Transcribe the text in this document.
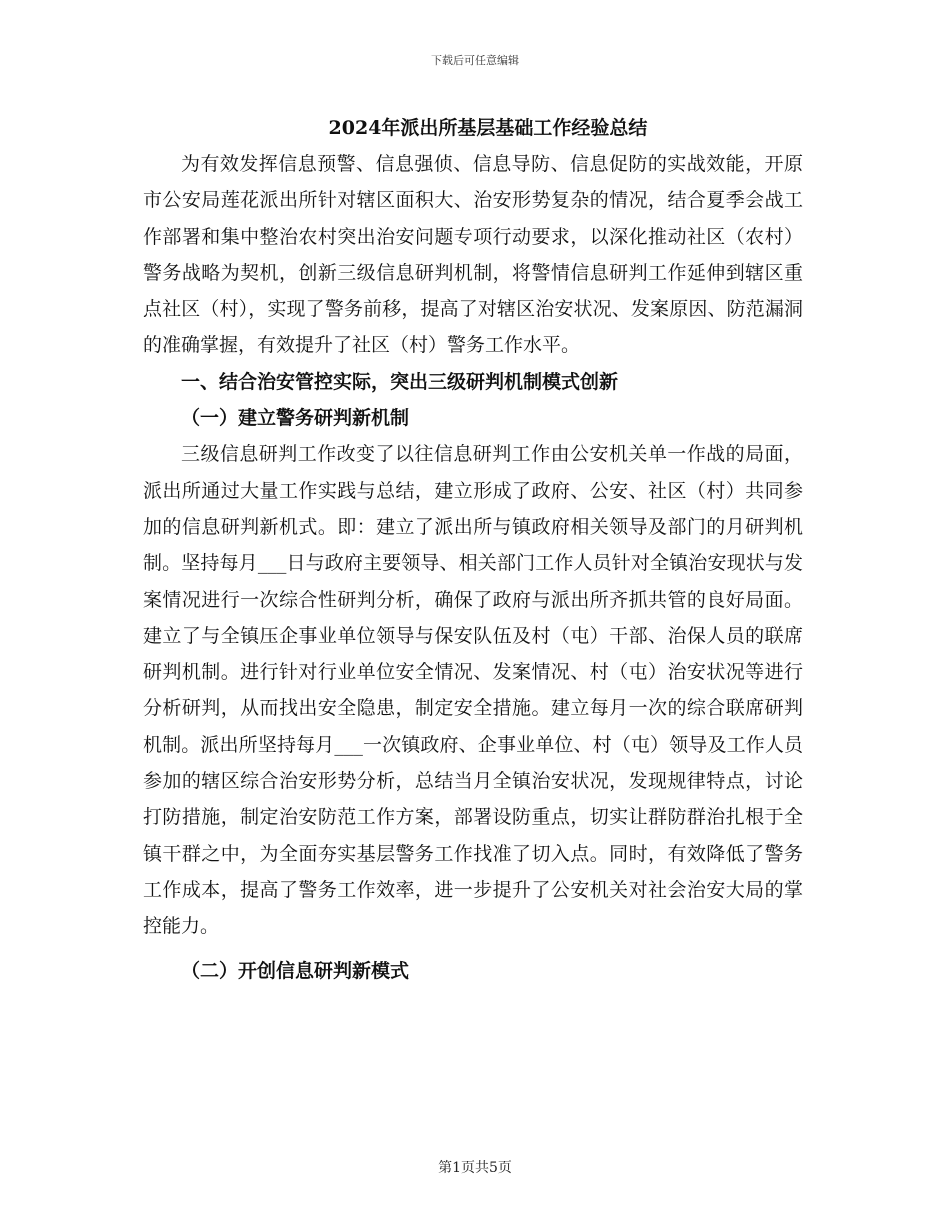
下载后可任意编辑
2024年派出所基层基础工作经验总结

为有效发挥信息预警、信息强侦、信息导防、信息促防的实战效能，开原市公安局莲花派出所针对辖区面积大、治安形势复杂的情况，结合夏季会战工作部署和集中整治农村突出治安问题专项行动要求，以深化推动社区（农村）警务战略为契机，创新三级信息研判机制，将警情信息研判工作延伸到辖区重点社区（村），实现了警务前移，提高了对辖区治安状况、发案原因、防范漏洞的准确掌握，有效提升了社区（村）警务工作水平。

一、结合治安管控实际，突出三级研判机制模式创新

（一）建立警务研判新机制

三级信息研判工作改变了以往信息研判工作由公安机关单一作战的局面，派出所通过大量工作实践与总结，建立形成了政府、公安、社区（村）共同参加的信息研判新机式。即：建立了派出所与镇政府相关领导及部门的月研判机制。坚持每月___日与政府主要领导、相关部门工作人员针对全镇治安现状与发案情况进行一次综合性研判分析，确保了政府与派出所齐抓共管的良好局面。建立了与全镇压企事业单位领导与保安队伍及村（屯）干部、治保人员的联席研判机制。进行针对行业单位安全情况、发案情况、村（屯）治安状况等进行分析研判，从而找出安全隐患，制定安全措施。建立每月一次的综合联席研判机制。派出所坚持每月___一次镇政府、企事业单位、村（屯）领导及工作人员参加的辖区综合治安形势分析，总结当月全镇治安状况，发现规律特点，讨论打防措施，制定治安防范工作方案，部署设防重点，切实让群防群治扎根于全镇干群之中，为全面夯实基层警务工作找准了切入点。同时，有效降低了警务工作成本，提高了警务工作效率，进一步提升了公安机关对社会治安大局的掌控能力。

（二）开创信息研判新模式

第1页共5页
